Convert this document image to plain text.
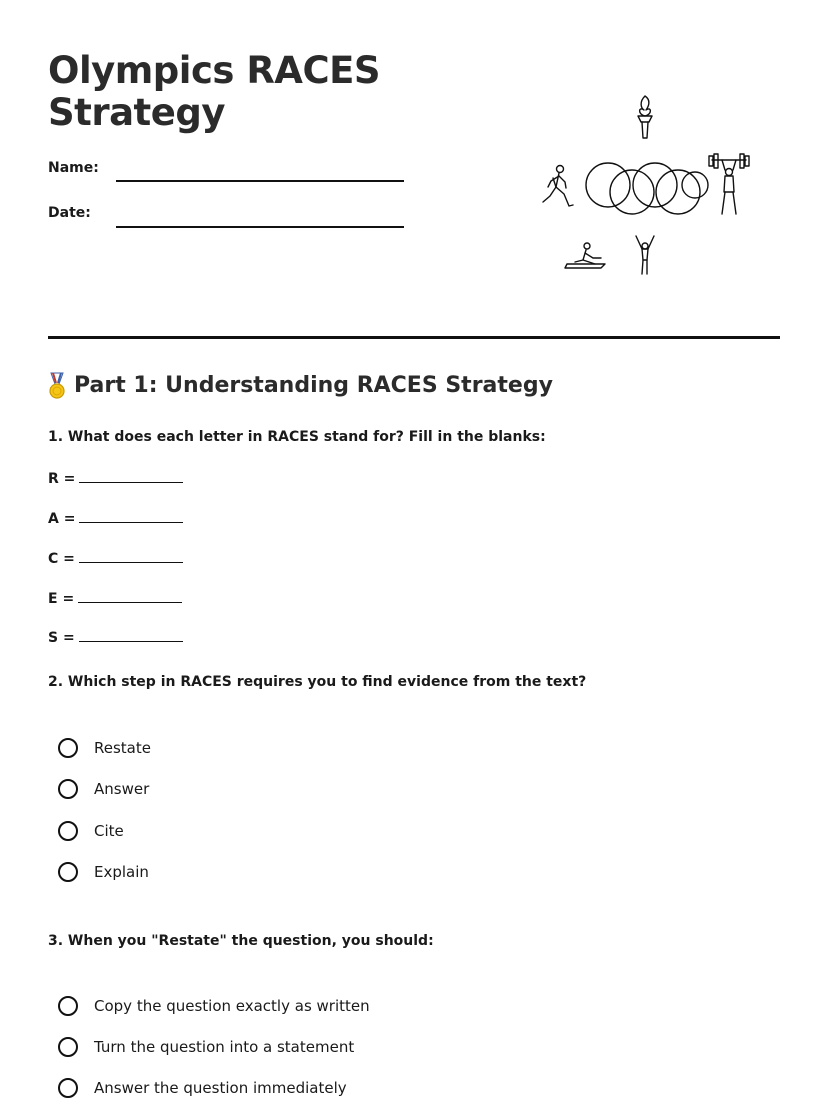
Olympics RACES
Strategy
Name:
Date:
Part 1: Understanding RACES Strategy

1. What does each letter in RACES stand for? Fill in the blanks:

R =
A =
C =
E =
S =

2. Which step in RACES requires you to find evidence from the text?

Restate
Answer
Cite
Explain

3. When you "Restate" the question, you should:

Copy the question exactly as written
Turn the question into a statement
Answer the question immediately
